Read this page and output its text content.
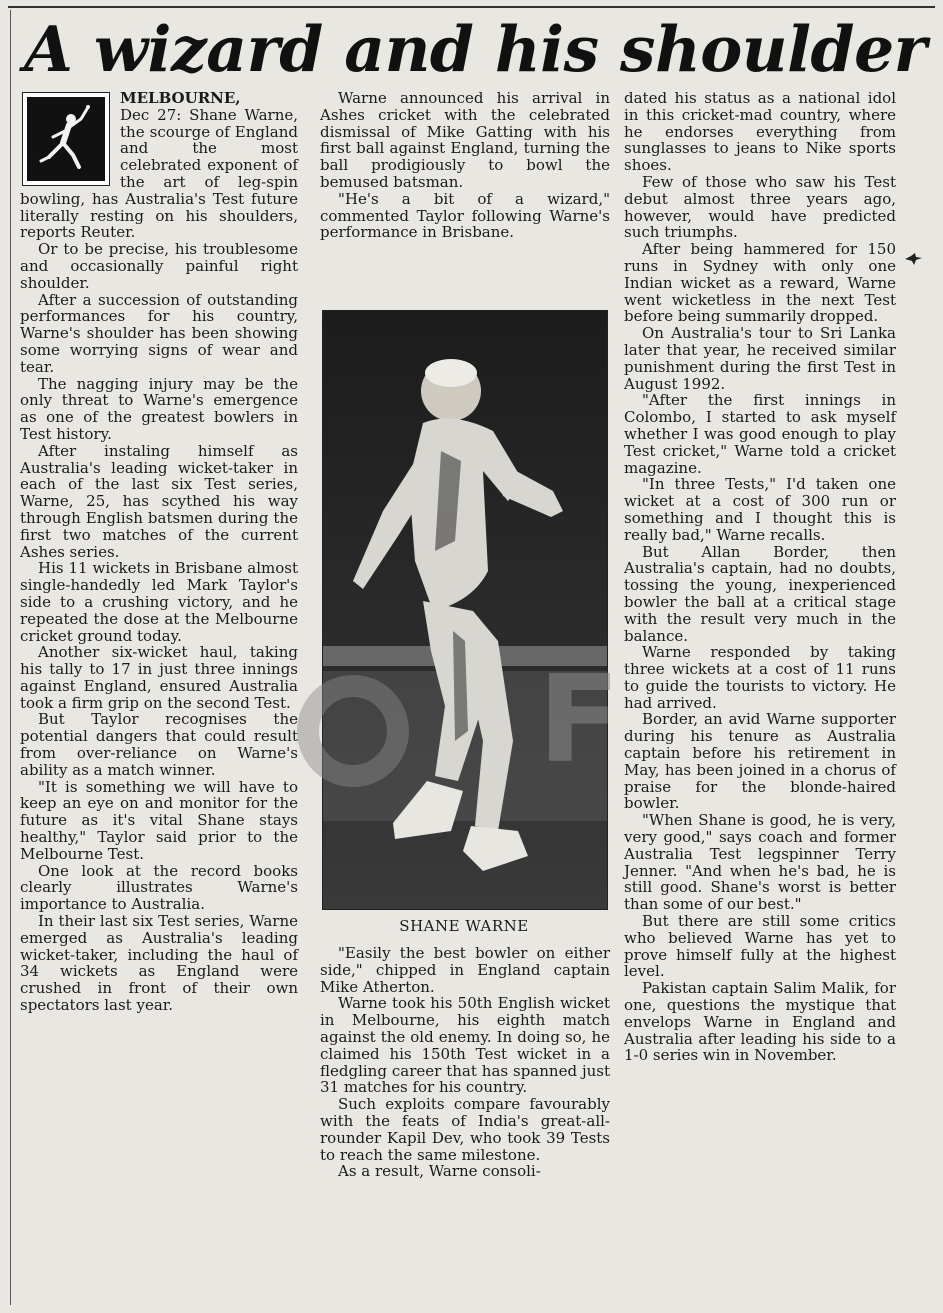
A wizard and his shoulder

MELBOURNE,
Dec 27: Shane Warne, the scourge of England and the most celebrated exponent of the art of leg-spin bowling, has Australia's Test future literally resting on his shoulders, reports Reuter.

Or to be precise, his troublesome and occasionally painful right shoulder.

After a succession of outstanding performances for his country, Warne's shoulder has been showing some worrying signs of wear and tear.

The nagging injury may be the only threat to Warne's emergence as one of the greatest bowlers in Test history.

After instaling himself as Australia's leading wicket-taker in each of the last six Test series, Warne, 25, has scythed his way through English batsmen during the first two matches of the current Ashes series.

His 11 wickets in Brisbane almost single-handedly led Mark Taylor's side to a crushing victory, and he repeated the dose at the Melbourne cricket ground today.

Another six-wicket haul, taking his tally to 17 in just three innings against England, ensured Australia took a firm grip on the second Test.

But Taylor recognises the potential dangers that could result from over-reliance on Warne's ability as a match winner.

"It is something we will have to keep an eye on and monitor for the future as it's vital Shane stays healthy," Taylor said prior to the Melbourne Test.

One look at the record books clearly illustrates Warne's importance to Australia.

In their last six Test series, Warne emerged as Australia's leading wicket-taker, including the haul of 34 wickets as England were crushed in front of their own spectators last year.

Warne announced his arrival in Ashes cricket with the celebrated dismissal of Mike Gatting with his first ball against England, turning the ball prodigiously to bowl the bemused batsman.

"He's a bit of a wizard," commented Taylor following Warne's performance in Brisbane.

F

SHANE WARNE

"Easily the best bowler on either side," chipped in England captain Mike Atherton.

Warne took his 50th English wicket in Melbourne, his eighth match against the old enemy. In doing so, he claimed his 150th Test wicket in a fledgling career that has spanned just 31 matches for his country.

Such exploits compare favourably with the feats of India's great-all-rounder Kapil Dev, who took 39 Tests to reach the same milestone.

As a result, Warne consoli-

dated his status as a national idol in this cricket-mad country, where he endorses everything from sunglasses to jeans to Nike sports shoes.

Few of those who saw his Test debut almost three years ago, however, would have predicted such triumphs.

After being hammered for 150 runs in Sydney with only one Indian wicket as a reward, Warne went wicketless in the next Test before being summarily dropped.

On Australia's tour to Sri Lanka later that year, he received similar punishment during the first Test in August 1992.

"After the first innings in Colombo, I started to ask myself whether I was good enough to play Test cricket," Warne told a cricket magazine.

"In three Tests," I'd taken one wicket at a cost of 300 run or something and I thought this is really bad," Warne recalls.

But Allan Border, then Australia's captain, had no doubts, tossing the young, inexperienced bowler the ball at a critical stage with the result very much in the balance.

Warne responded by taking three wickets at a cost of 11 runs to guide the tourists to victory. He had arrived.

Border, an avid Warne supporter during his tenure as Australia captain before his retirement in May, has been joined in a chorus of praise for the blonde-haired bowler.

"When Shane is good, he is very, very good," says coach and former Australia Test legspinner Terry Jenner. "And when he's bad, he is still good. Shane's worst is better than some of our best."

But there are still some critics who believed Warne has yet to prove himself fully at the highest level.

Pakistan captain Salim Malik, for one, questions the mystique that envelops Warne in England and Australia after leading his side to a 1-0 series win in November.
